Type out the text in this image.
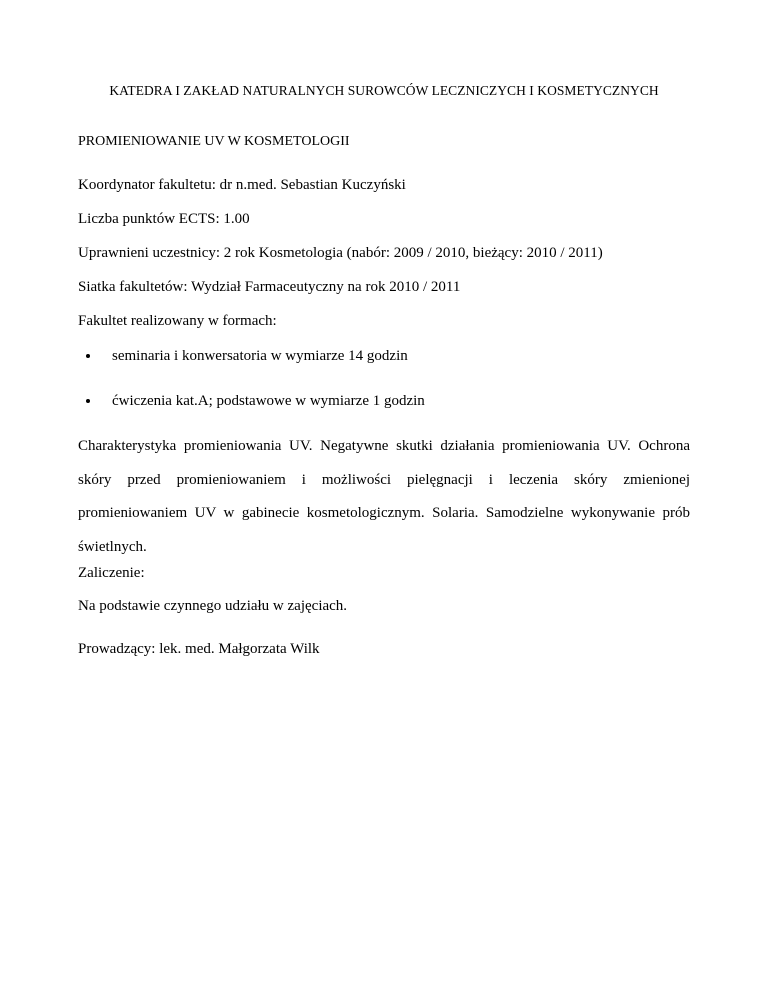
KATEDRA I ZAKŁAD NATURALNYCH SUROWCÓW LECZNICZYCH I KOSMETYCZNYCH
PROMIENIOWANIE UV W KOSMETOLOGII
Koordynator fakultetu: dr n.med. Sebastian Kuczyński
Liczba punktów ECTS: 1.00
Uprawnieni uczestnicy: 2 rok Kosmetologia (nabór: 2009 / 2010, bieżący: 2010 / 2011)
Siatka fakultetów: Wydział Farmaceutyczny na rok 2010 / 2011
Fakultet realizowany w formach:
seminaria i konwersatoria w wymiarze 14 godzin
ćwiczenia kat.A; podstawowe w wymiarze 1 godzin
Charakterystyka promieniowania UV. Negatywne skutki działania promieniowania UV. Ochrona skóry przed promieniowaniem i możliwości pielęgnacji i leczenia skóry zmienionej promieniowaniem UV w gabinecie kosmetologicznym. Solaria. Samodzielne wykonywanie prób świetlnych.
Zaliczenie:
Na podstawie czynnego udziału w zajęciach.
Prowadzący: lek. med. Małgorzata Wilk
